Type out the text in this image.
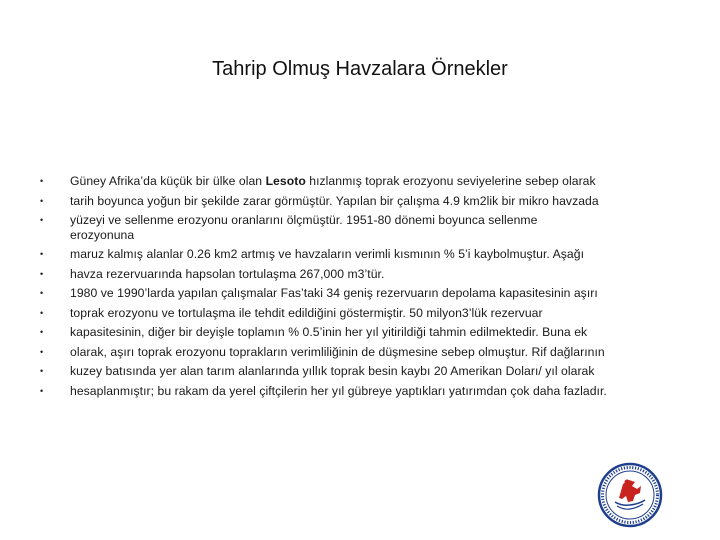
Tahrip Olmuş Havzalara Örnekler
•	Güney Afrika’da küçük bir ülke olan Lesoto hızlanmış toprak erozyonu seviyelerine sebep olarak
•	tarih boyunca yoğun bir şekilde zarar görmüştür. Yapılan bir çalışma 4.9 km2lik bir mikro havzada
•	yüzeyi ve sellenme erozyonu oranlarını ölçmüştür. 1951-80 dönemi boyunca sellenme erozyonuna
•	maruz kalmış alanlar 0.26 km2 artmış ve havzaların verimli kısmının % 5’i kaybolmuştur. Aşağı
•	havza rezervuarında hapsolan tortulaşma 267,000 m3’tür.
•	1980 ve 1990’larda yapılan çalışmalar Fas’taki 34 geniş rezervuarın depolama kapasitesinin aşırı
•	toprak erozyonu ve tortulaşma ile tehdit edildiğini göstermiştir. 50 milyon3’lük rezervuar
•	kapasitesinin, diğer bir deyişle toplamın % 0.5’inin her yıl yitirildiği tahmin edilmektedir. Buna ek
•	olarak, aşırı toprak erozyonu toprakların verimliliğinin de düşmesine sebep olmuştur. Rif dağlarının
•	kuzey batısında yer alan tarım alanlarında yıllık toprak besin kaybı 20 Amerikan Doları/ yıl olarak
•	hesaplanmıştır; bu rakam da yerel çiftçilerin her yıl gübreye yaptıkları yatırımdan çok daha fazladır.
